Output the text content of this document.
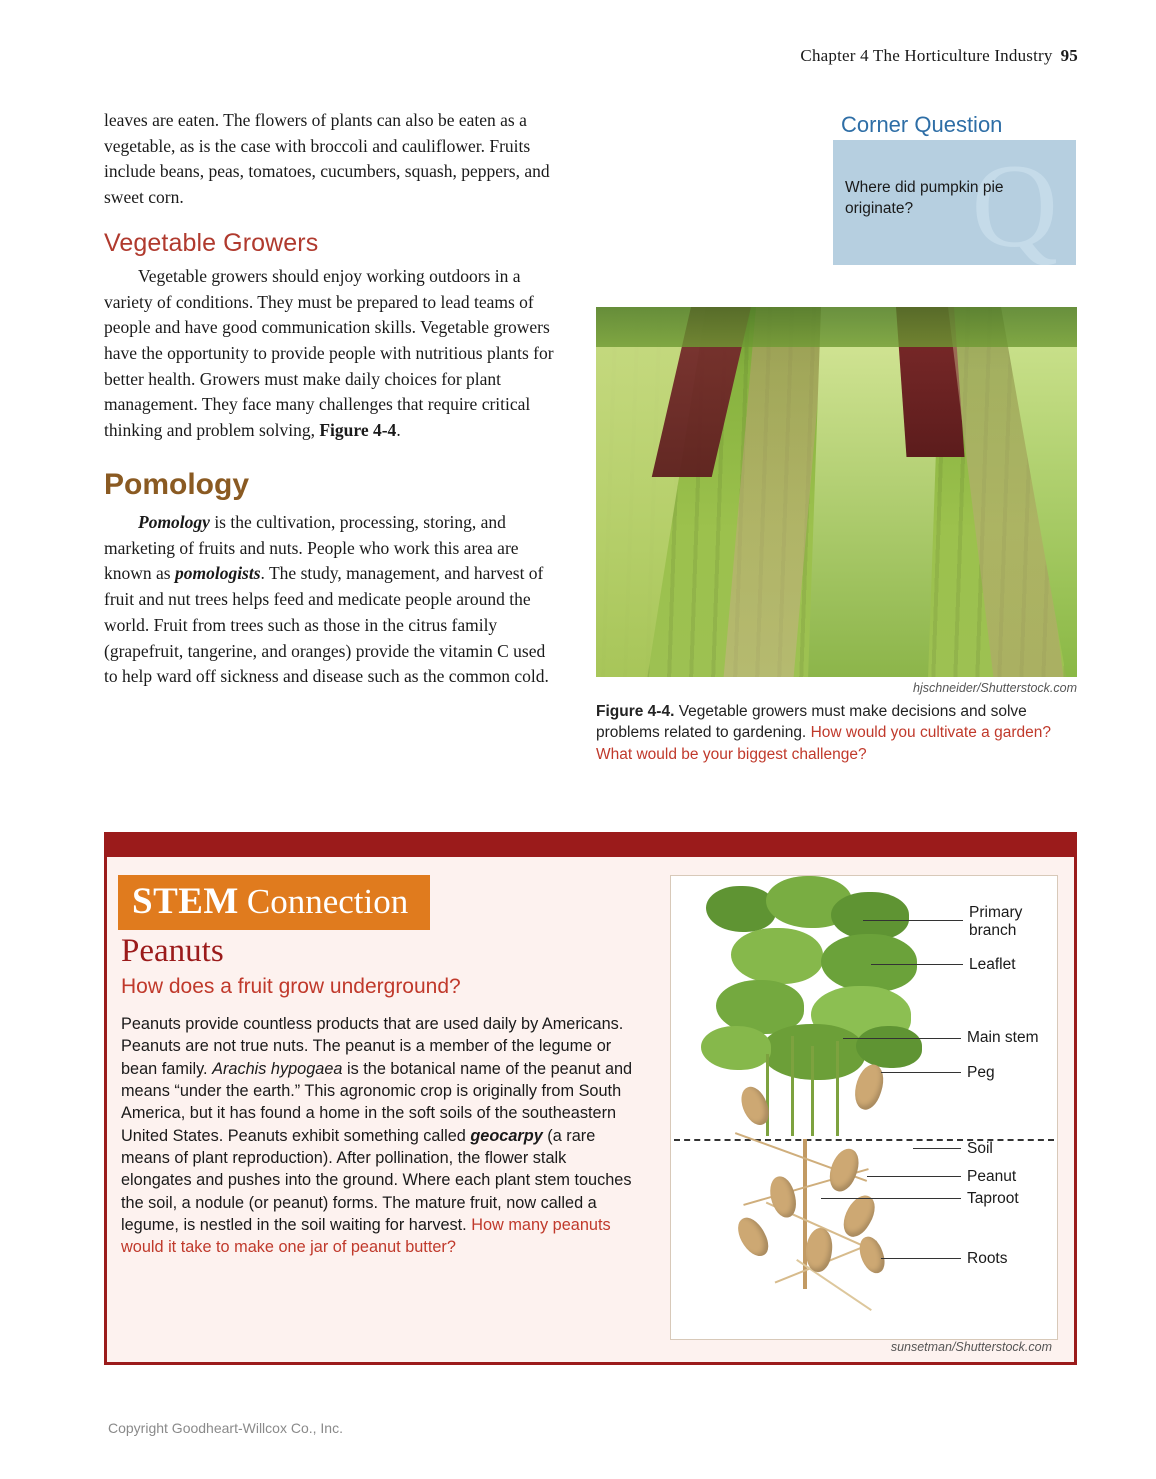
Chapter 4 The Horticulture Industry 95

leaves are eaten. The flowers of plants can also be eaten as a vegetable, as is the case with broccoli and cauliflower. Fruits include beans, peas, tomatoes, cucumbers, squash, peppers, and sweet corn.

Vegetable Growers

Vegetable growers should enjoy working outdoors in a variety of conditions. They must be prepared to lead teams of people and have good communication skills. Vegetable growers have the opportunity to provide people with nutritious plants for better health. Growers must make daily choices for plant management. They face many challenges that require critical thinking and problem solving, Figure 4-4.

Pomology

Pomology is the cultivation, processing, storing, and marketing of fruits and nuts. People who work this area are known as pomologists. The study, management, and harvest of fruit and nut trees helps feed and medicate people around the world. Fruit from trees such as those in the citrus family (grapefruit, tangerine, and oranges) provide the vitamin C used to help ward off sickness and disease such as the common cold.

Corner Question
Q
Where did pumpkin pie originate?
hjschneider/Shutterstock.com
Figure 4-4. Vegetable growers must make decisions and solve problems related to gardening. How would you cultivate a garden? What would be your biggest challenge?
STEM Connection
Peanuts
How does a fruit grow underground?
Peanuts provide countless products that are used daily by Americans. Peanuts are not true nuts. The peanut is a member of the legume or bean family. Arachis hypogaea is the botanical name of the peanut and means “under the earth.” This agronomic crop is originally from South America, but it has found a home in the soft soils of the southeastern United States. Peanuts exhibit something called geocarpy (a rare means of plant reproduction). After pollination, the flower stalk elongates and pushes into the ground. Where each plant stem touches the soil, a nodule (or peanut) forms. The mature fruit, now called a legume, is nestled in the soil waiting for harvest. How many peanuts would it take to make one jar of peanut butter?
Primary branch
Leaflet
Main stem
Peg
Soil
Peanut
Taproot
Roots
sunsetman/Shutterstock.com
Copyright Goodheart-Willcox Co., Inc.
